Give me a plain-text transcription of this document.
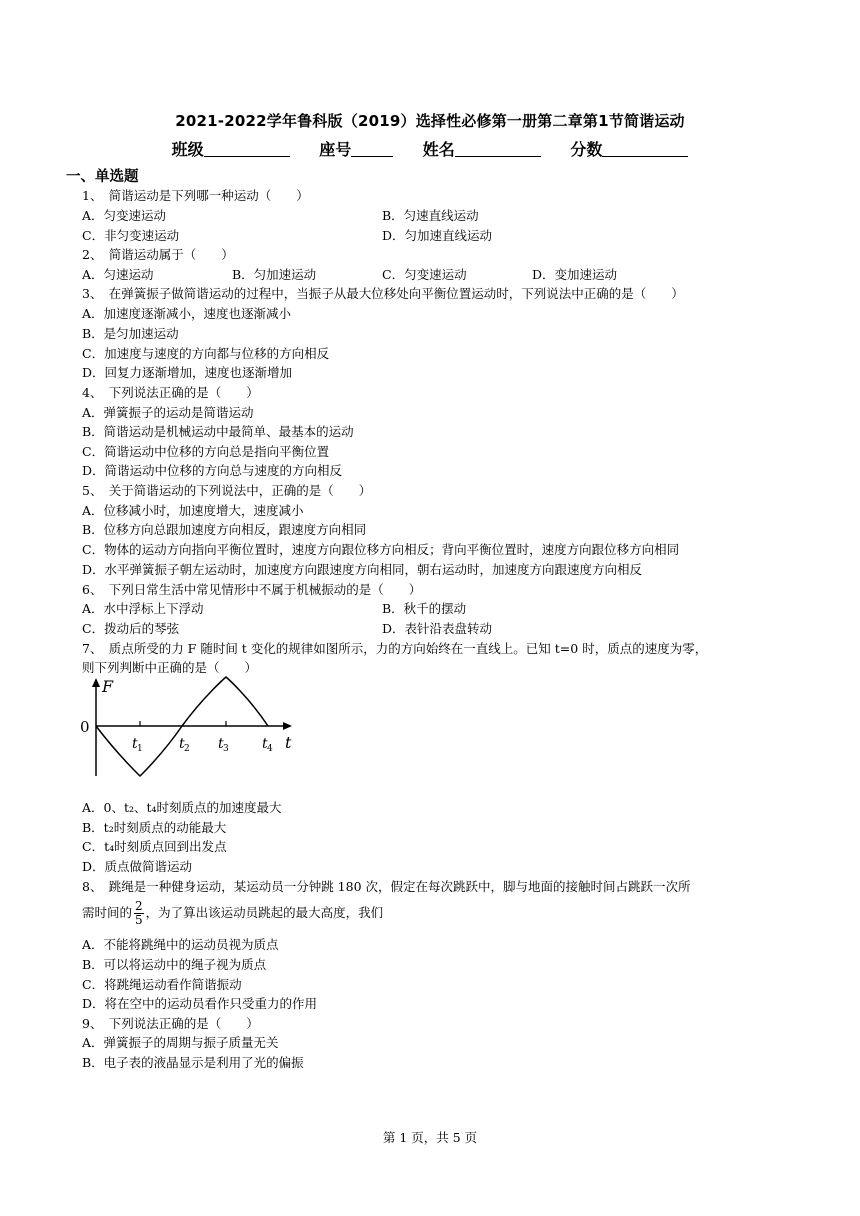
2021-2022学年鲁科版（2019）选择性必修第一册第二章第1节简谐运动
班级	座号	姓名	分数
一、单选题
1、　简谐运动是下列哪一种运动（　　）
A．匀变速运动	B．匀速直线运动
C．非匀变速运动	D．匀加速直线运动
2、　简谐运动属于（　　）
A．匀速运动	B．匀加速运动	C．匀变速运动	D．变加速运动
3、　在弹簧振子做简谐运动的过程中，当振子从最大位移处向平衡位置运动时，下列说法中正确的是（　　）
A．加速度逐渐减小，速度也逐渐减小
B．是匀加速运动
C．加速度与速度的方向都与位移的方向相反
D．回复力逐渐增加，速度也逐渐增加
4、　下列说法正确的是（　　）
A．弹簧振子的运动是简谐运动
B．简谐运动是机械运动中最简单、最基本的运动
C．简谐运动中位移的方向总是指向平衡位置
D．简谐运动中位移的方向总与速度的方向相反
5、　关于简谐运动的下列说法中，正确的是（　　）
A．位移减小时，加速度增大，速度减小
B．位移方向总跟加速度方向相反，跟速度方向相同
C．物体的运动方向指向平衡位置时，速度方向跟位移方向相反；背向平衡位置时，速度方向跟位移方向相同
D．水平弹簧振子朝左运动时，加速度方向跟速度方向相同，朝右运动时，加速度方向跟速度方向相反
6、　下列日常生活中常见情形中不属于机械振动的是（　　）
A．水中浮标上下浮动	B．秋千的摆动
C．拨动后的琴弦	D．表针沿表盘转动
7、　质点所受的力 F 随时间 t 变化的规律如图所示，力的方向始终在一直线上。已知 t=0 时，质点的速度为零，
则下列判断中正确的是（　　）
F
0
t 1	t 2 t 3 t 4 t
A．0、t₂、t₄时刻质点的加速度最大
B．t₂时刻质点的动能最大
C．t₄时刻质点回到出发点
D．质点做简谐运动
8、　跳绳是一种健身运动，某运动员一分钟跳 180 次，假定在每次跳跃中，脚与地面的接触时间占跳跃一次所
需时间的 $\frac{2}{5}$ ，为了算出该运动员跳起的最大高度，我们
A．不能将跳绳中的运动员视为质点
B．可以将运动中的绳子视为质点
C．将跳绳运动看作简谐振动
D．将在空中的运动员看作只受重力的作用
9、　下列说法正确的是（　　）
A．弹簧振子的周期与振子质量无关
B．电子表的液晶显示是利用了光的偏振
第 1 页，共 5 页
